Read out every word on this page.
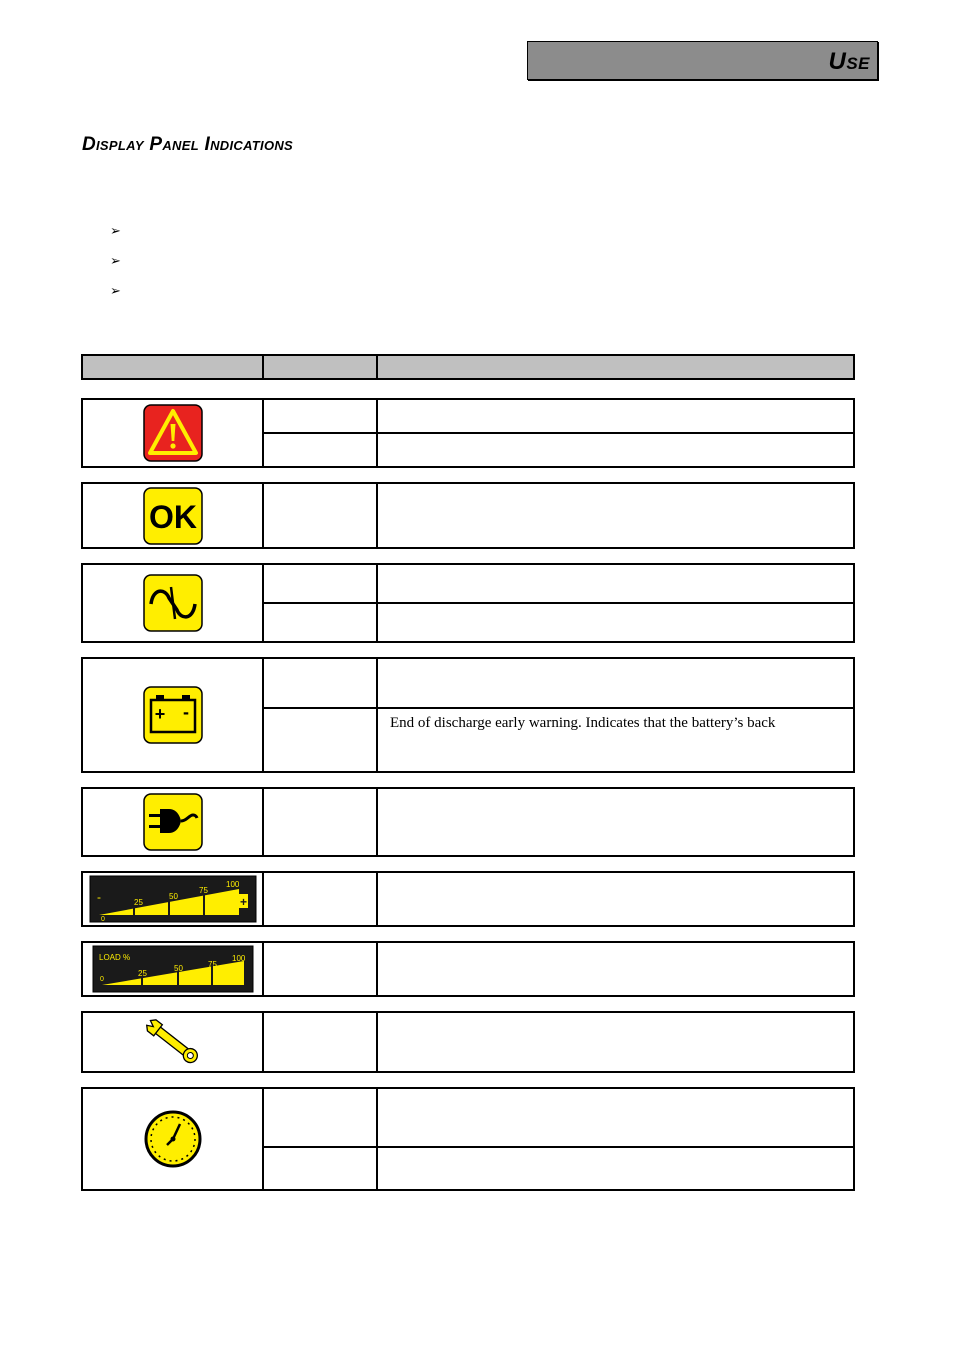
Use
Display Panel Indications
➢
➢
➢
OK
+ -
End of discharge early warning. Indicates that the battery’s back
-	+
0
25
50
75
100
LOAD %
0
25
50	75
100
